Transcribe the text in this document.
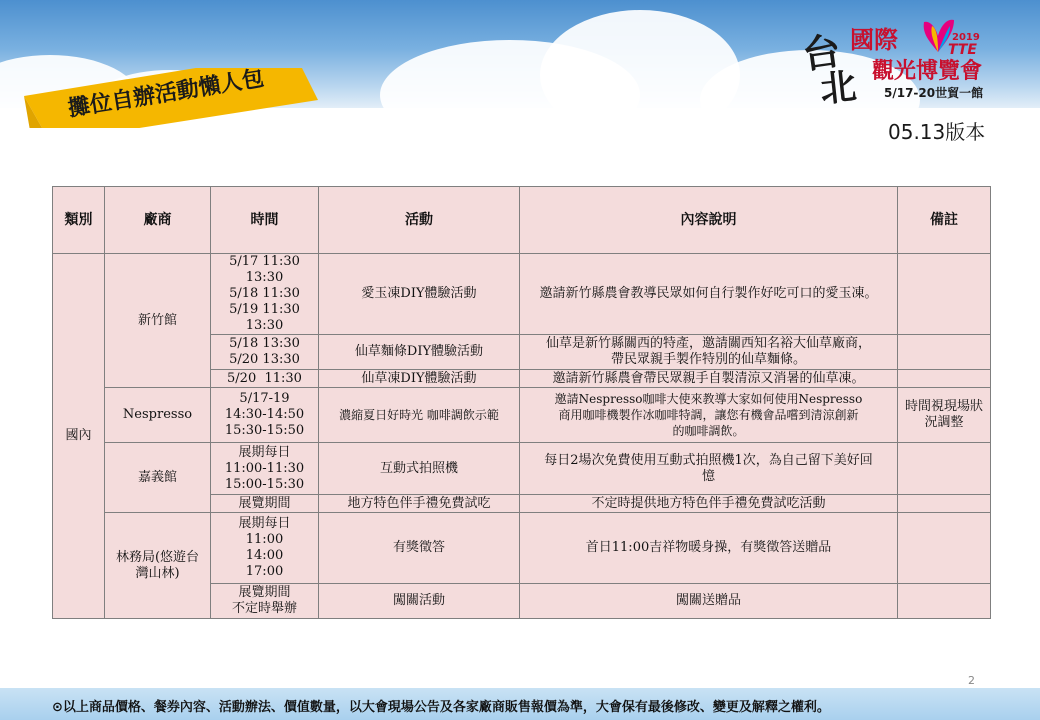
攤位自辦活動懶人包
台
北
國際	2019
TTE
觀光博覽會
5/17-20世貿一館
05.13版本
類別	廠商	時間	活動	內容說明	備註
國內	新竹館	5/17 11:30 13:30
5/18 11:30
5/19 11:30 13:30	愛玉凍DIY體驗活動	邀請新竹縣農會教導民眾如何自行製作好吃可口的愛玉凍。	
		5/18 13:30
5/20 13:30	仙草麵條DIY體驗活動	仙草是新竹縣關西的特產，邀請關西知名裕大仙草廠商，
帶民眾親手製作特別的仙草麵條。	
		5/20  11:30	仙草凍DIY體驗活動	邀請新竹縣農會帶民眾親手自製清涼又消暑的仙草凍。	
	Nespresso	5/17-19
14:30-14:50
15:30-15:50	濃縮夏日好時光 咖啡調飲示範	邀請Nespresso咖啡大使來教導大家如何使用Nespresso
商用咖啡機製作冰咖啡特調，讓您有機會品嚐到清涼創新
的咖啡調飲。	時間視現場狀況調整
	嘉義館	展期每日
11:00-11:30
15:00-15:30	互動式拍照機	每日2場次免費使用互動式拍照機1次，為自己留下美好回
憶	
		展覽期間	地方特色伴手禮免費試吃	不定時提供地方特色伴手禮免費試吃活動	
	林務局(悠遊台
灣山林)	展期每日
11:00
14:00
17:00	有獎徵答	首日11:00吉祥物暖身操，有獎徵答送贈品	
		展覽期間
不定時舉辦	闖關活動	闖關送贈品	
2
⊙以上商品價格、餐券內容、活動辦法、價值數量，以大會現場公告及各家廠商販售報價為準，大會保有最後修改、變更及解釋之權利。
